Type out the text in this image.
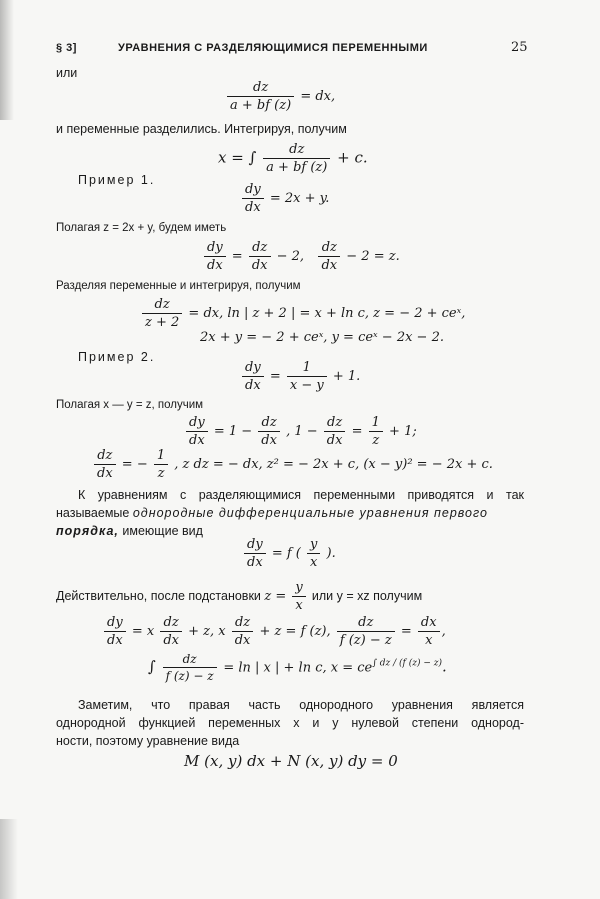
§ 3]	УРАВНЕНИЯ С РАЗДЕЛЯЮЩИМИСЯ ПЕРЕМЕННЫМИ	25
или
$\frac{dz}{a + bf (z)}$ = dx,
и переменные разделились. Интегрируя, получим
x = ∫ $\frac{dz}{a + bf (z)} + c$.
Пример 1.
$\frac{dy}{dx} = 2x + y$.
Полагая z = 2x + y, будем иметь
$\frac{dy}{dx} = \frac{dz}{dx} - 2$, $\frac{dz}{dx} - 2 = z$.
Разделяя переменные и интегрируя, получим
$\frac{dz}{z + 2}$ = dx, ln | z + 2 | = x + ln c, z = − 2 + ceˣ,
2x + y = − 2 + ceˣ, y = ceˣ − 2x − 2.
Пример 2.
$\frac{dy}{dx} = \frac{1}{x - y} + 1$.
Полагая x — y = z, получим
$\frac{dy}{dx} = 1 - \frac{dz}{dx}$ , $1 - \frac{dz}{dx} = \frac{1}{z} + 1$;
$\frac{dz}{dx}$ = − $\frac{1}{z}$ , z dz = − dx, z² = − 2x + c, (x − y)² = − 2x + c.
К уравнениям с разделяющимися переменными приводятся и так
называемые однородные дифференциальные уравнения первого
порядка, имеющие вид
$\frac{dy}{dx} = f$ ( $\frac{y}{x}$ ).
Действительно, после подстановки $z = \frac{y}{x}$ или y = xz получим
$\frac{dy}{dx} = x \frac{dz}{dx} + z$, x $\frac{dz}{dx} + z = f$ (z), $\frac{dz}{f (z) - z} = \frac{dx}{x}$ ,
∫ $\frac{dz}{f (z) - z} = \ln$ | x | + ln c, $x = ce^{\int dz / (f (z) - z)}$.
Заметим, что правая часть однородного уравнения является
однородной функцией переменных x и y нулевой степени однород-
ности, поэтому уравнение вида
M (x, y) dx + N (x, y) dy = 0
